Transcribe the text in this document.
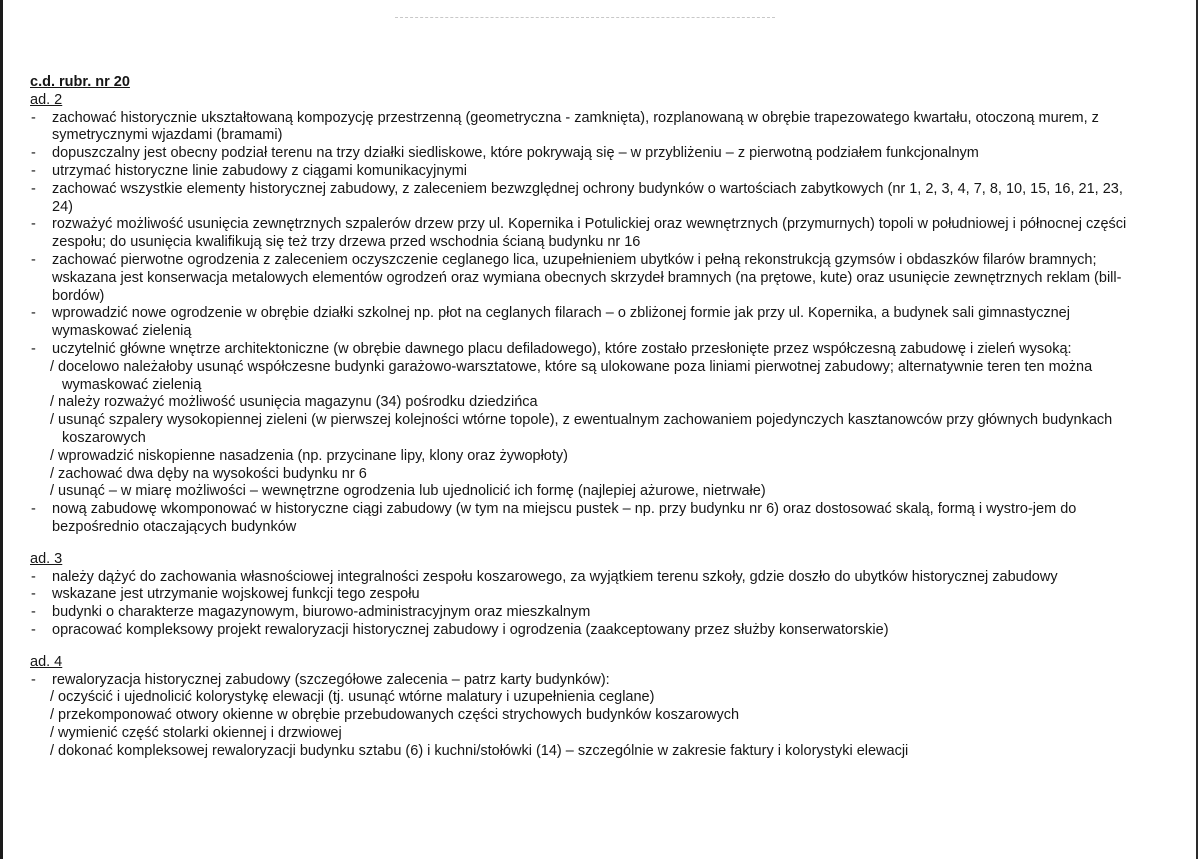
c.d. rubr. nr 20
ad. 2
- zachować historycznie ukształtowaną kompozycję przestrzenną (geometryczna - zamknięta), rozplanowaną w obrębie trapezowatego kwartału, otoczoną murem, z symetrycznymi wjazdami (bramami)
- dopuszczalny jest obecny podział terenu na trzy działki siedliskowe, które pokrywają się – w przybliżeniu – z pierwotną podziałem funkcjonalnym
- utrzymać historyczne linie zabudowy z ciągami komunikacyjnymi
- zachować wszystkie elementy historycznej zabudowy, z zaleceniem bezwzględnej ochrony budynków o wartościach zabytkowych (nr 1, 2, 3, 4, 7, 8, 10, 15, 16, 21, 23, 24)
- rozważyć możliwość usunięcia zewnętrznych szpalerów drzew przy ul. Kopernika i Potulickiej oraz wewnętrznych (przymurnych) topoli w południowej i północnej części zespołu; do usunięcia kwalifikują się też trzy drzewa przed wschodnia ścianą budynku nr 16
- zachować pierwotne ogrodzenia z zaleceniem oczyszczenie ceglanego lica, uzupełnieniem ubytków i pełną rekonstrukcją gzymsów i obdaszków filarów bramnych; wskazana jest konserwacja metalowych elementów ogrodzeń oraz wymiana obecnych skrzydeł bramnych (na prętowe, kute) oraz usunięcie zewnętrznych reklam (bill-bordów)
- wprowadzić nowe ogrodzenie w obrębie działki szkolnej np. płot na ceglanych filarach – o zbliżonej formie jak przy ul. Kopernika, a budynek sali gimnastycznej wymaskować zielenią
- uczytelnić główne wnętrze architektoniczne (w obrębie dawnego placu defiladowego), które zostało przesłonięte przez współczesną zabudowę i zieleń wysoką:
/ docelowo należałoby usunąć współczesne budynki garażowo-warsztatowe, które są ulokowane poza liniami pierwotnej zabudowy; alternatywnie teren ten można wymaskować zielenią
/ należy rozważyć możliwość usunięcia magazynu (34) pośrodku dziedzińca
/ usunąć szpalery wysokopiennej zieleni (w pierwszej kolejności wtórne topole), z ewentualnym zachowaniem pojedynczych kasztanowców przy głównych budynkach koszarowych
/ wprowadzić niskopienne nasadzenia (np. przycinane lipy, klony oraz żywopłoty)
/ zachować dwa dęby na wysokości budynku nr 6
/ usunąć – w miarę możliwości – wewnętrzne ogrodzenia lub ujednolicić ich formę (najlepiej ażurowe, nietrwałe)
- nową zabudowę wkomponować w historyczne ciągi zabudowy (w tym na miejscu pustek – np. przy budynku nr 6) oraz dostosować skalą, formą i wystro-jem do bezpośrednio otaczających budynków
ad. 3
- należy dążyć do zachowania własnościowej integralności zespołu koszarowego, za wyjątkiem terenu szkoły, gdzie doszło do ubytków historycznej zabudowy
- wskazane jest utrzymanie wojskowej funkcji tego zespołu
- budynki o charakterze magazynowym, biurowo-administracyjnym oraz mieszkalnym
- opracować kompleksowy projekt rewaloryzacji historycznej zabudowy i ogrodzenia (zaakceptowany przez służby konserwatorskie)
ad. 4
- rewaloryzacja historycznej zabudowy (szczegółowe zalecenia – patrz karty budynków):
/ oczyścić i ujednolicić kolorystykę elewacji (tj. usunąć wtórne malatury i uzupełnienia ceglane)
/ przekomponować otwory okienne w obrębie przebudowanych części strychowych budynków koszarowych
/ wymienić część stolarki okiennej i drzwiowej
/ dokonać kompleksowej rewaloryzacji budynku sztabu (6) i kuchni/stołówki (14) – szczególnie w zakresie faktury i kolorystyki elewacji
